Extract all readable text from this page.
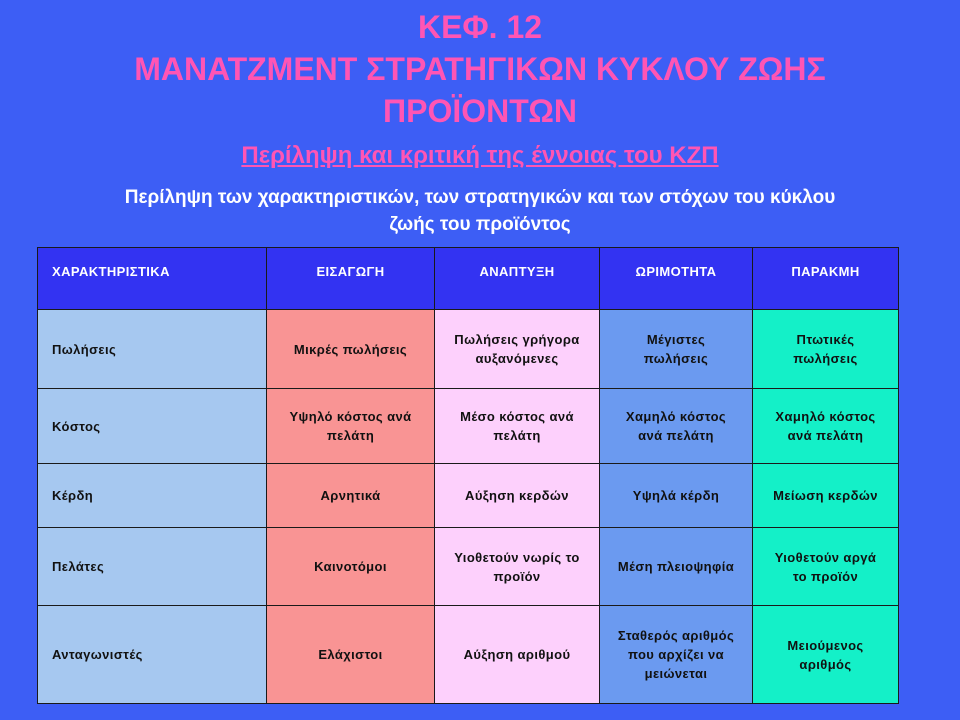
ΚΕΦ. 12
ΜΑΝΑΤΖΜΕΝΤ ΣΤΡΑΤΗΓΙΚΩΝ ΚΥΚΛΟΥ ΖΩΗΣ
ΠΡΟΪΟΝΤΩΝ
Περίληψη και κριτική της έννοιας του ΚΖΠ
Περίληψη των χαρακτηριστικών, των στρατηγικών και των στόχων του κύκλου
ζωής του προϊόντος
ΧΑΡΑΚΤΗΡΙΣΤΙΚΑ	ΕΙΣΑΓΩΓΗ	ΑΝΑΠΤΥΞΗ	ΩΡΙΜΟΤΗΤΑ	ΠΑΡΑΚΜΗ
Πωλήσεις	Μικρές πωλήσεις	Πωλήσεις γρήγορα αυξανόμενες	Μέγιστες πωλήσεις	Πτωτικές πωλήσεις
Κόστος	Υψηλό κόστος ανά πελάτη	Μέσο κόστος ανά πελάτη	Χαμηλό κόστος ανά πελάτη	Χαμηλό κόστος ανά πελάτη
Κέρδη	Αρνητικά	Αύξηση κερδών	Υψηλά κέρδη	Μείωση κερδών
Πελάτες	Καινοτόμοι	Υιοθετούν νωρίς το προϊόν	Μέση πλειοψηφία	Υιοθετούν αργά το προϊόν
Ανταγωνιστές	Ελάχιστοι	Αύξηση αριθμού	Σταθερός αριθμός που αρχίζει να μειώνεται	Μειούμενος αριθμός
